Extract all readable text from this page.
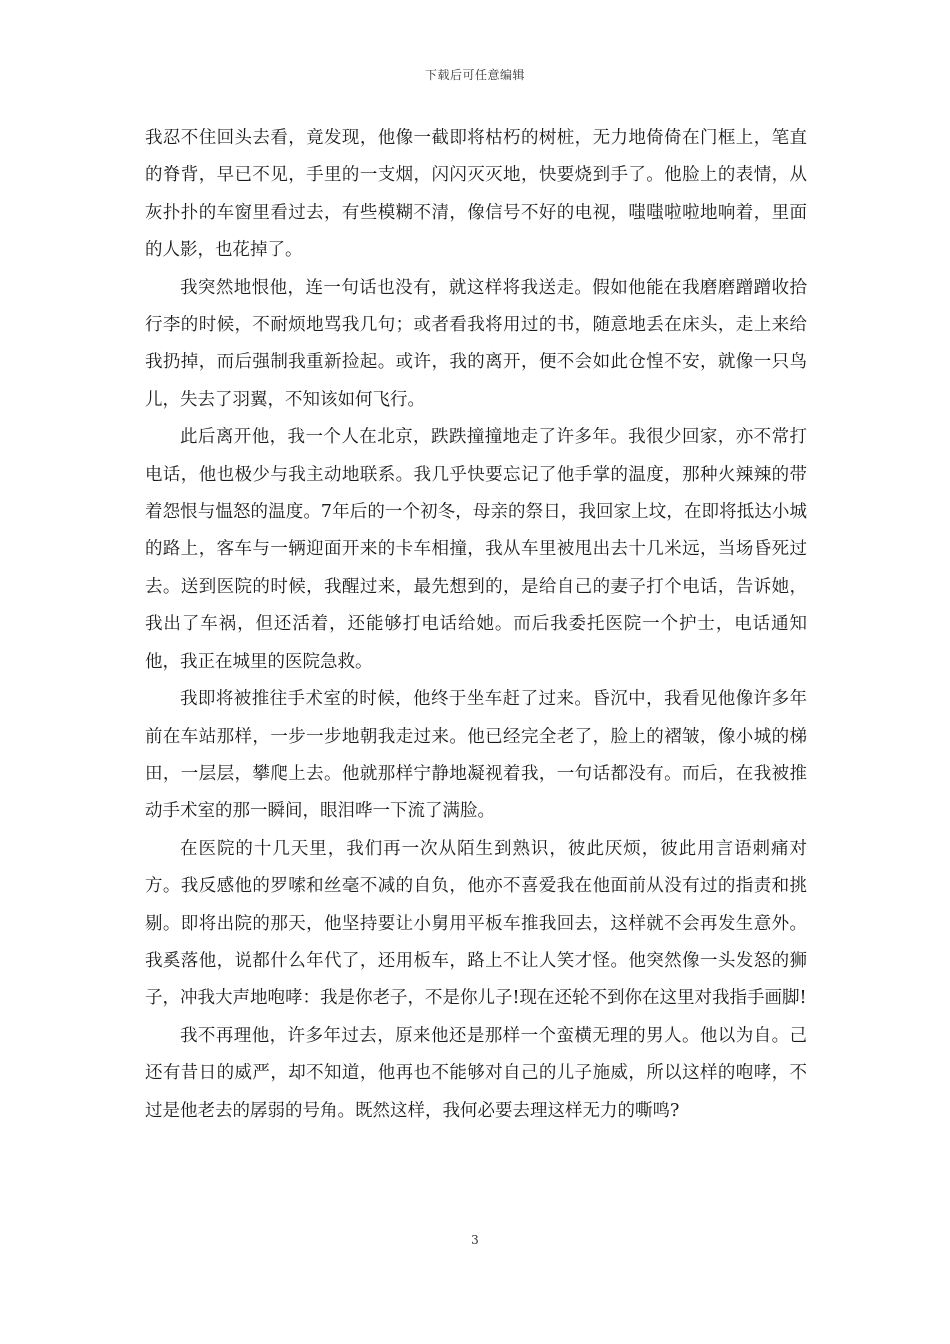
下载后可任意编辑

我忍不住回头去看，竟发现，他像一截即将枯朽的树桩，无力地倚倚在门框上，笔直的脊背，早已不见，手里的一支烟，闪闪灭灭地，快要烧到手了。他脸上的表情，从灰扑扑的车窗里看过去，有些模糊不清，像信号不好的电视，嗤嗤啦啦地响着，里面的人影，也花掉了。

我突然地恨他，连一句话也没有，就这样将我送走。假如他能在我磨磨蹭蹭收拾行李的时候，不耐烦地骂我几句；或者看我将用过的书，随意地丢在床头，走上来给我扔掉，而后强制我重新捡起。或许，我的离开，便不会如此仓惶不安，就像一只鸟儿，失去了羽翼，不知该如何飞行。

此后离开他，我一个人在北京，跌跌撞撞地走了许多年。我很少回家，亦不常打电话，他也极少与我主动地联系。我几乎快要忘记了他手掌的温度，那种火辣辣的带着怨恨与愠怒的温度。7年后的一个初冬，母亲的祭日，我回家上坟，在即将抵达小城的路上，客车与一辆迎面开来的卡车相撞，我从车里被甩出去十几米远，当场昏死过去。送到医院的时候，我醒过来，最先想到的，是给自己的妻子打个电话，告诉她，我出了车祸，但还活着，还能够打电话给她。而后我委托医院一个护士，电话通知他，我正在城里的医院急救。

我即将被推往手术室的时候，他终于坐车赶了过来。昏沉中，我看见他像许多年前在车站那样，一步一步地朝我走过来。他已经完全老了，脸上的褶皱，像小城的梯田，一层层，攀爬上去。他就那样宁静地凝视着我，一句话都没有。而后，在我被推动手术室的那一瞬间，眼泪哗一下流了满脸。

在医院的十几天里，我们再一次从陌生到熟识，彼此厌烦，彼此用言语刺痛对方。我反感他的罗嗦和丝毫不减的自负，他亦不喜爱我在他面前从没有过的指责和挑剔。即将出院的那天，他坚持要让小舅用平板车推我回去，这样就不会再发生意外。我奚落他，说都什么年代了，还用板车，路上不让人笑才怪。他突然像一头发怒的狮子，冲我大声地咆哮：我是你老子，不是你儿子!现在还轮不到你在这里对我指手画脚!

我不再理他，许多年过去，原来他还是那样一个蛮横无理的男人。他以为自。己还有昔日的威严，却不知道，他再也不能够对自己的儿子施威，所以这样的咆哮，不过是他老去的孱弱的号角。既然这样，我何必要去理这样无力的嘶鸣?

3
